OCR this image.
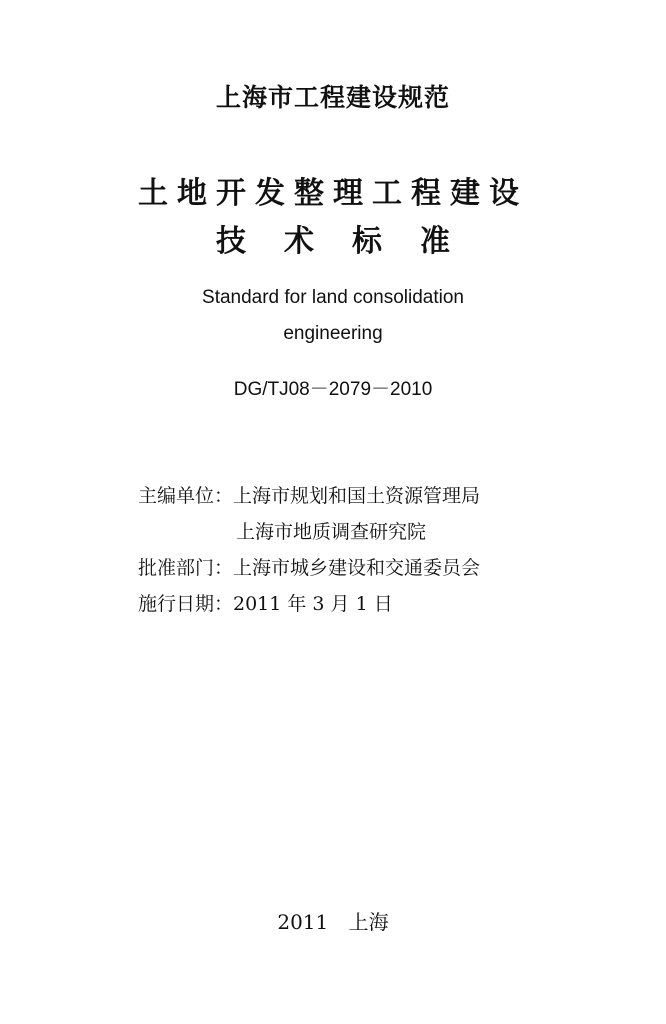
上海市工程建设规范
土地开发整理工程建设
技术标准
Standard for land consolidation
engineering
DG/TJ08－2079－2010
主编单位：上海市规划和国土资源管理局
上海市地质调查研究院
批准部门：上海市城乡建设和交通委员会
施行日期：2011 年 3 月 1 日
2011 上海
